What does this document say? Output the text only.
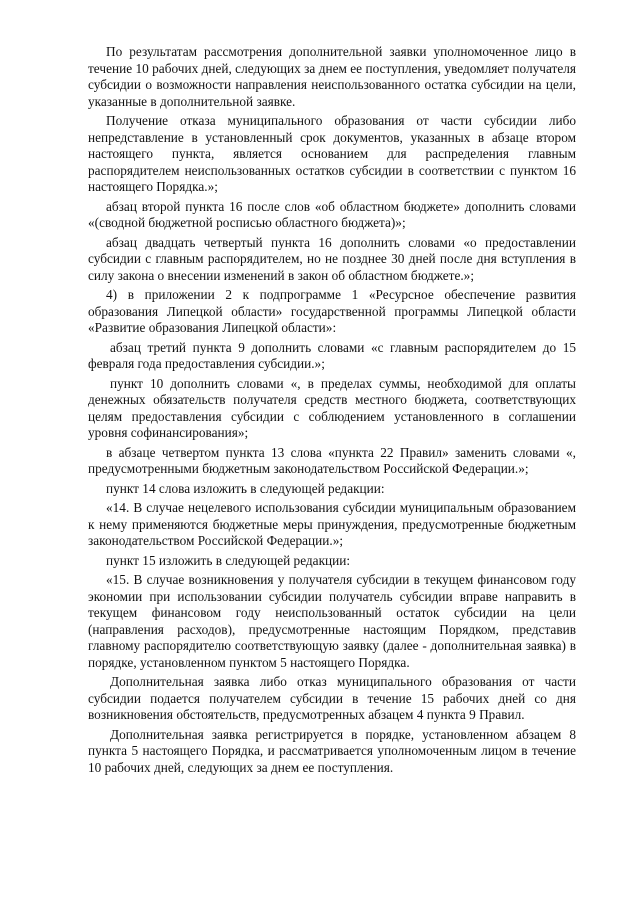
По результатам рассмотрения дополнительной заявки уполномоченное лицо в течение 10 рабочих дней, следующих за днем ее поступления, уведомляет получателя субсидии о возможности направления неиспользованного остатка субсидии на цели, указанные в дополнительной заявке.

Получение отказа муниципального образования от части субсидии либо непредставление в установленный срок документов, указанных в абзаце втором настоящего пункта, является основанием для распределения главным распорядителем неиспользованных остатков субсидии в соответствии с пунктом 16 настоящего Порядка.»;

абзац второй пункта 16 после слов «об областном бюджете» дополнить словами «(сводной бюджетной росписью областного бюджета)»;

абзац двадцать четвертый пункта 16 дополнить словами «о предоставлении субсидии с главным распорядителем, но не позднее 30 дней после дня вступления в силу закона о внесении изменений в закон об областном бюджете.»;

4) в приложении 2 к подпрограмме 1 «Ресурсное обеспечение развития образования Липецкой области» государственной программы Липецкой области «Развитие образования Липецкой области»:

абзац третий пункта 9 дополнить словами «с главным распорядителем до 15 февраля года предоставления субсидии.»;

пункт 10 дополнить словами «, в пределах суммы, необходимой для оплаты денежных обязательств получателя средств местного бюджета, соответствующих целям предоставления субсидии с соблюдением установленного в соглашении уровня софинансирования»;

в абзаце четвертом пункта 13 слова «пункта 22 Правил» заменить словами «, предусмотренными бюджетным законодательством Российской Федерации.»;

пункт 14 слова изложить в следующей редакции:

«14. В случае нецелевого использования субсидии муниципальным образованием к нему применяются бюджетные меры принуждения, предусмотренные бюджетным законодательством Российской Федерации.»;

пункт 15 изложить в следующей редакции:

«15. В случае возникновения у получателя субсидии в текущем финансовом году экономии при использовании субсидии получатель субсидии вправе направить в текущем финансовом году неиспользованный остаток субсидии на цели (направления расходов), предусмотренные настоящим Порядком, представив главному распорядителю соответствующую заявку (далее - дополнительная заявка) в порядке, установленном пунктом 5 настоящего Порядка.

Дополнительная заявка либо отказ муниципального образования от части субсидии подается получателем субсидии в течение 15 рабочих дней со дня возникновения обстоятельств, предусмотренных абзацем 4 пункта 9 Правил.

Дополнительная заявка регистрируется в порядке, установленном абзацем 8 пункта 5 настоящего Порядка, и рассматривается уполномоченным лицом в течение 10 рабочих дней, следующих за днем ее поступления.
